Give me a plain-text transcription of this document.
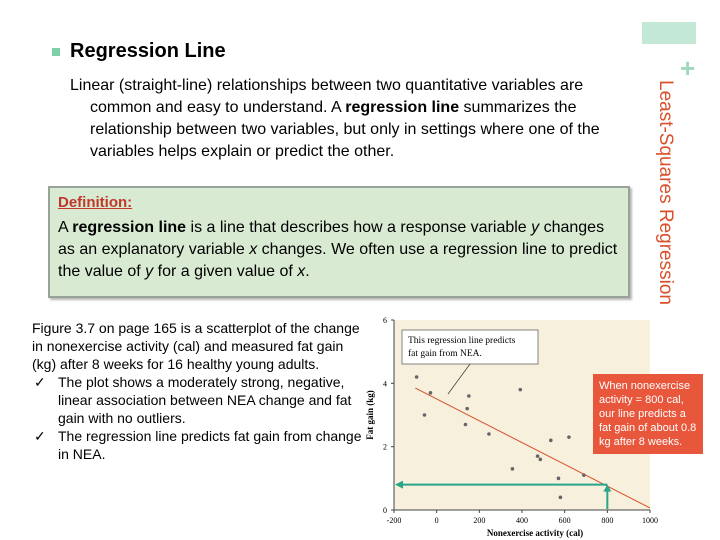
+
Least-Squares Regression
Regression Line
Linear (straight-line) relationships between two quantitative variables are common and easy to understand. A regression line summarizes the relationship between two variables, but only in settings where one of the variables helps explain or predict the other.
Definition:
A regression line is a line that describes how a response variable y changes as an explanatory variable x changes. We often use a regression line to predict the value of y for a given value of x.
Figure 3.7 on page 165 is a scatterplot of the change in nonexercise activity (cal) and measured fat gain (kg) after 8 weeks for 16 healthy young adults.
✓ The plot shows a moderately strong, negative, linear association between NEA change and fat gain with no outliers.
✓ The regression line predicts fat gain from change in NEA.
-200	0	200	400	600	800	1000
0
2
4
6
Nonexercise activity (cal)
Fat gain (kg)
This regression line predicts
fat gain from NEA.
When nonexercise activity = 800 cal, our line predicts a fat gain of about 0.8 kg after 8 weeks.
